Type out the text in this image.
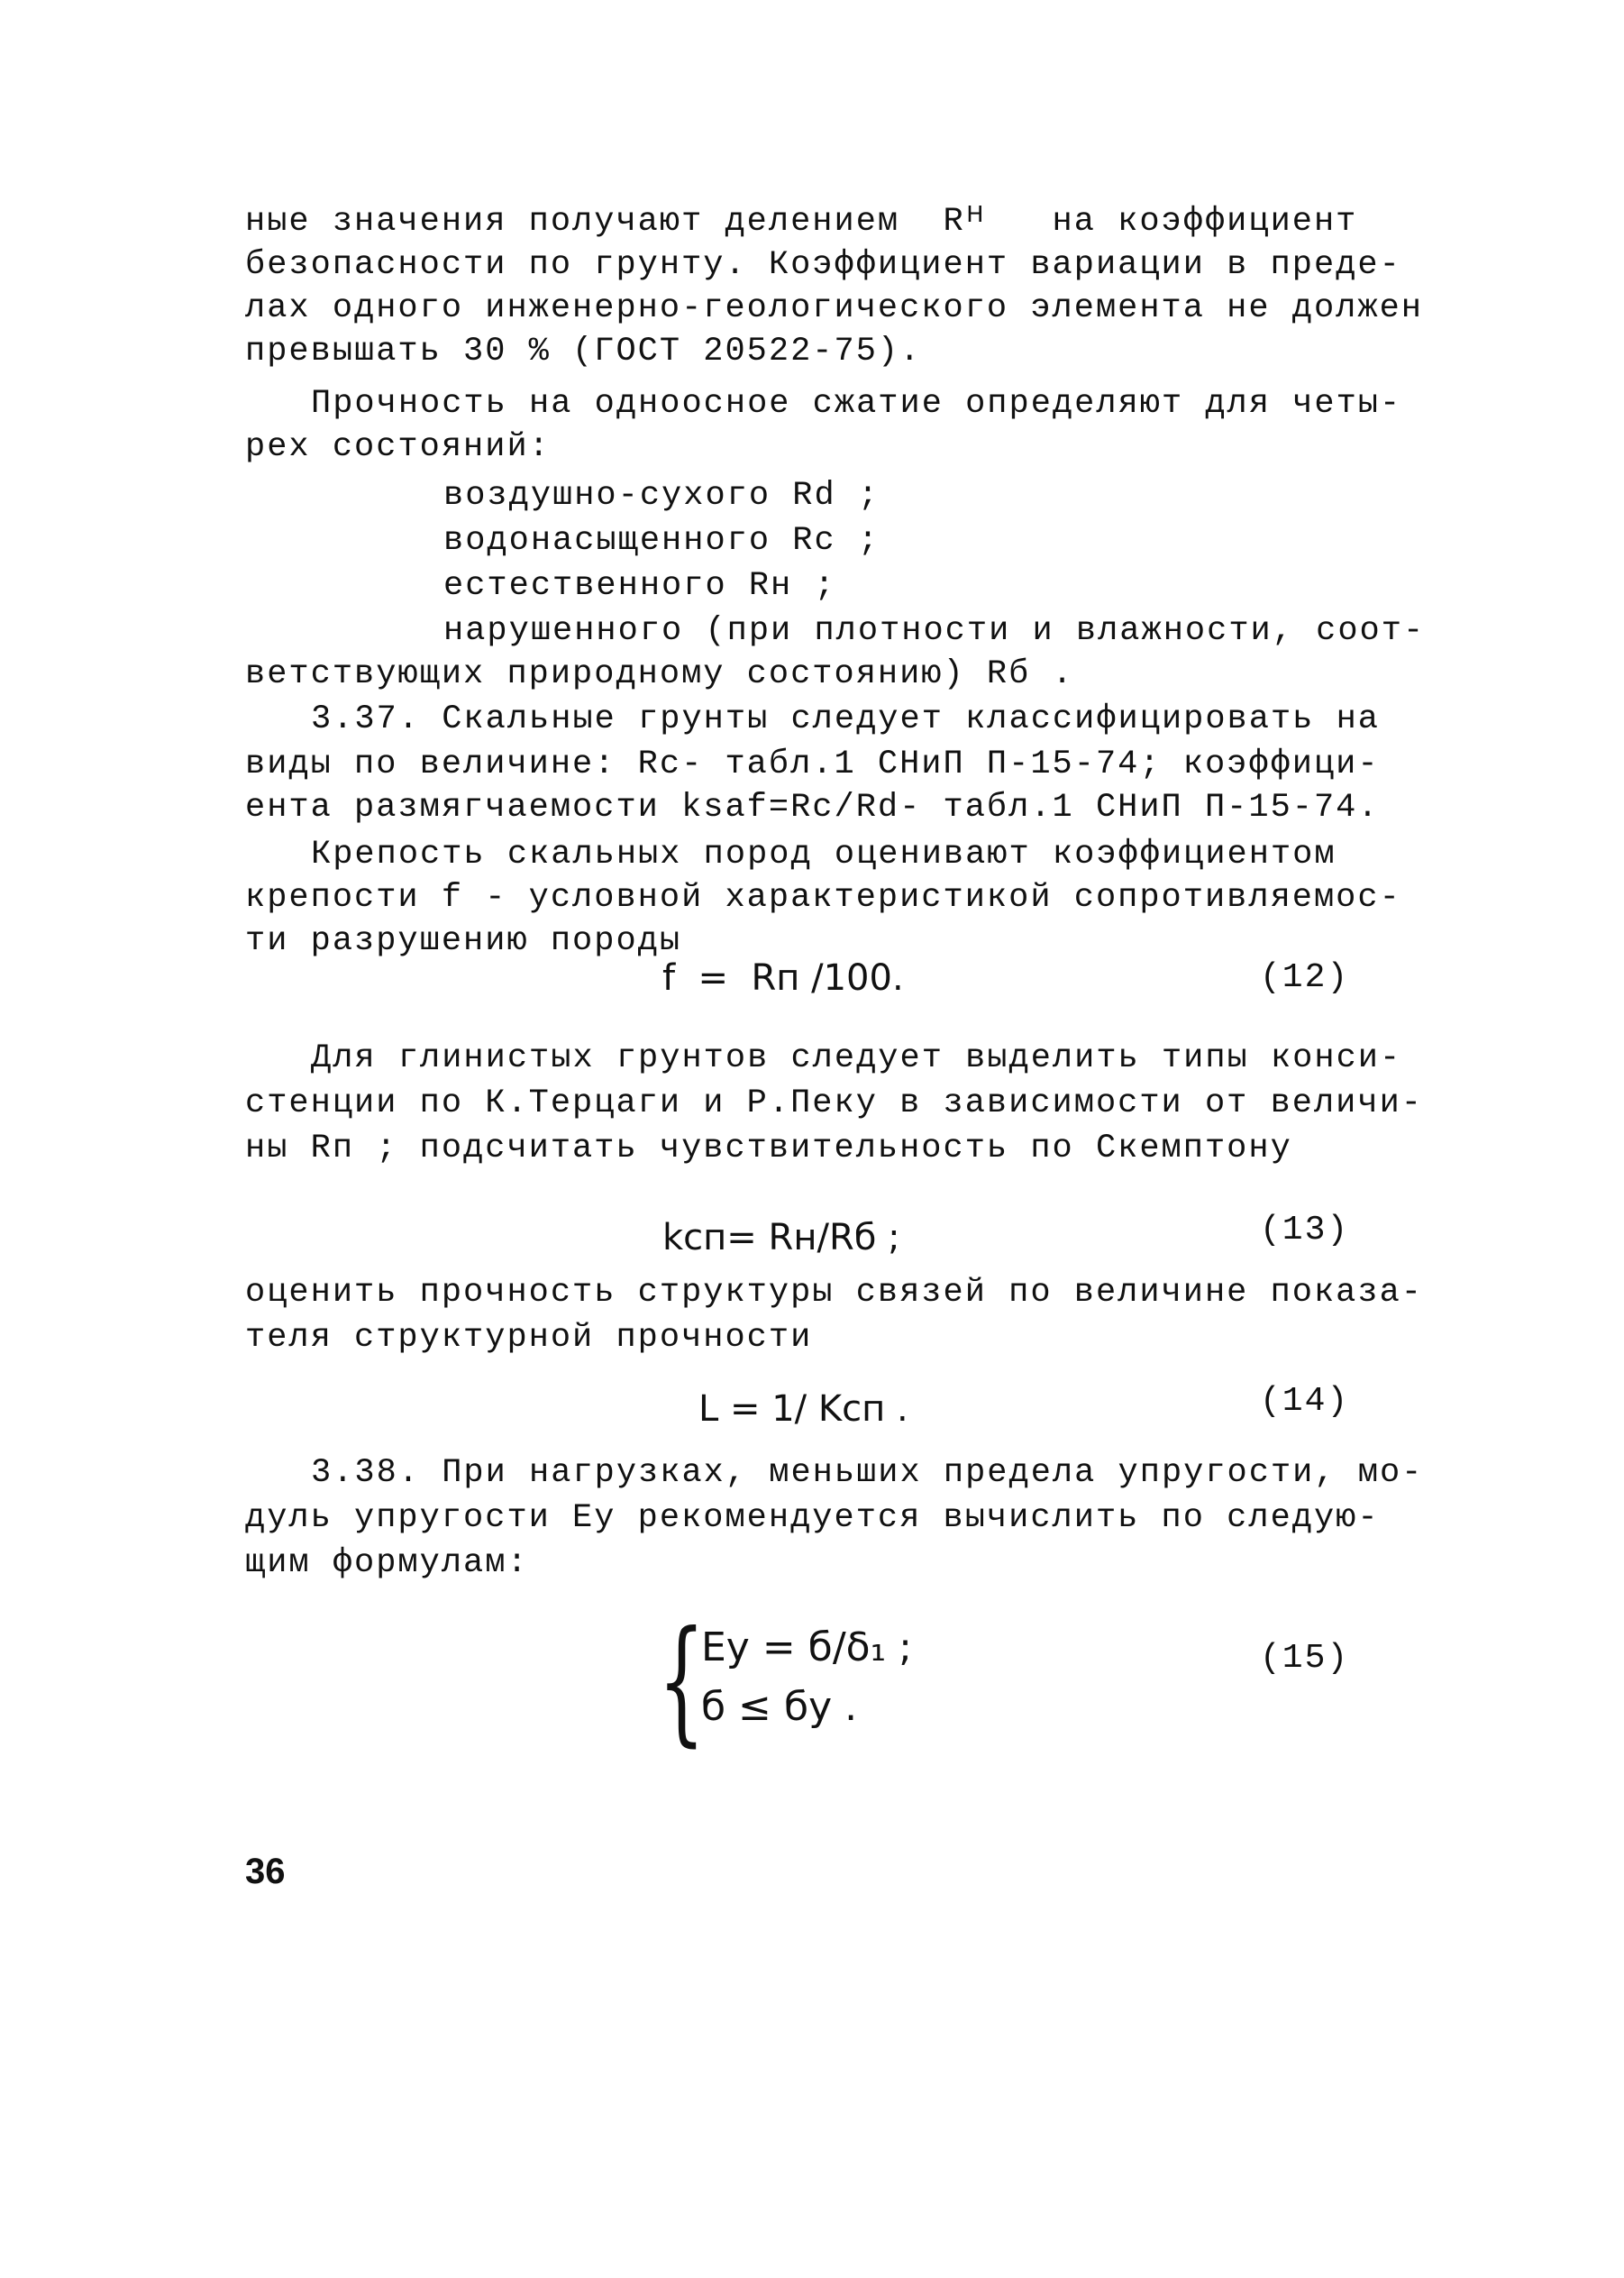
ные значения получают делением  Rᴴ   на коэффициент
безопасности по грунту. Коэффициент вариации в преде-
лах одного инженерно-геологического элемента не должен
превышать 30 % (ГОСТ 20522-75).
Прочность на одноосное сжатие определяют для четы-
рех состояний:
воздушно-сухого Rd ;
водонасыщенного Rc ;
естественного Rн ;
нарушенного (при плотности и влажности, соот-
ветствующих природному состоянию) Rб .
3.37. Скальные грунты следует классифицировать на
виды по величине: Rc- табл.1 СНиП П-15-74; коэффици-
ента размягчаемости ksaf=Rc/Rd- табл.1 СНиП П-15-74.
Крепость скальных пород оценивают коэффициентом
крепости f - условной характеристикой сопротивляемос-
ти разрушению породы
f  =  Rп /100.	(12)
Для глинистых грунтов следует выделить типы конси-
стенции по К.Терцаги и Р.Пеку в зависимости от величи-
ны Rп ; подсчитать чувствительность по Скемптону
kсп= Rн/Rб ;	(13)
оценить прочность структуры связей по величине показа-
теля структурной прочности
L = 1/ Kсп .	(14)
3.38. При нагрузках, меньших предела упругости, мо-
дуль упругости Eу рекомендуется вычислить по следую-
щим формулам:
{
Eу = б/δ₁ ;
б ≤ бу .
(15)
36
